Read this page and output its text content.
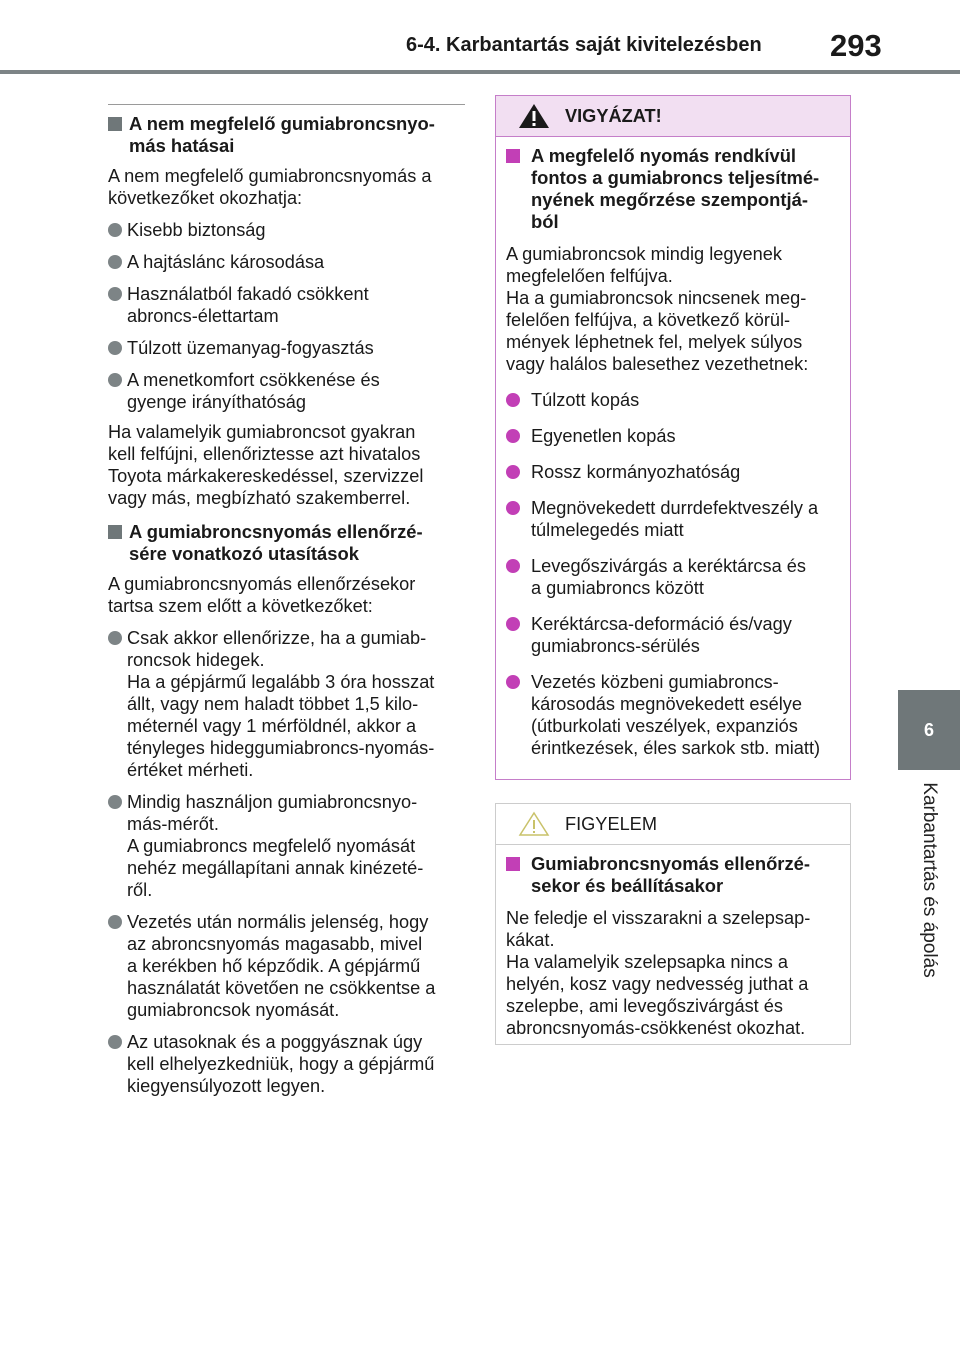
6-4. Karbantartás saját kivitelezésben 293
6
Karbantartás és ápolás
A nem megfelelő gumiabroncsnyo-
más hatásai
A nem megfelelő gumiabroncsnyomás a
következőket okozhatja:
Kisebb biztonság
A hajtáslánc károsodása
Használatból fakadó csökkent
abroncs-élettartam
Túlzott üzemanyag-fogyasztás
A menetkomfort csökkenése és
gyenge irányíthatóság
Ha valamelyik gumiabroncsot gyakran
kell felfújni, ellenőriztesse azt hivatalos
Toyota márkakereskedéssel, szervizzel
vagy más, megbízható szakemberrel.
A gumiabroncsnyomás ellenőrzé-
sére vonatkozó utasítások
A gumiabroncsnyomás ellenőrzésekor
tartsa szem előtt a következőket:
Csak akkor ellenőrizze, ha a gumiab-
roncsok hidegek.
Ha a gépjármű legalább 3 óra hosszat
állt, vagy nem haladt többet 1,5 kilo-
méternél vagy 1 mérföldnél, akkor a
tényleges hideggumiabroncs-nyomás-
értéket mérheti.
Mindig használjon gumiabroncsnyo-
más-mérőt.
A gumiabroncs megfelelő nyomását
nehéz megállapítani annak kinézeté-
ről.
Vezetés után normális jelenség, hogy
az abroncsnyomás magasabb, mivel
a kerékben hő képződik. A gépjármű
használatát követően ne csökkentse a
gumiabroncsok nyomását.
Az utasoknak és a poggyásznak úgy
kell elhelyezkedniük, hogy a gépjármű
kiegyensúlyozott legyen.
VIGYÁZAT!
A megfelelő nyomás rendkívül
fontos a gumiabroncs teljesítmé-
nyének megőrzése szempontjá-
ból
A gumiabroncsok mindig legyenek
megfelelően felfújva.
Ha a gumiabroncsok nincsenek meg-
felelően felfújva, a következő körül-
mények léphetnek fel, melyek súlyos
vagy halálos balesethez vezethetnek:
Túlzott kopás
Egyenetlen kopás
Rossz kormányozhatóság
Megnövekedett durrdefektveszély a
túlmelegedés miatt
Levegőszivárgás a keréktárcsa és
a gumiabroncs között
Keréktárcsa-deformáció és/vagy
gumiabroncs-sérülés
Vezetés közbeni gumiabroncs-
károsodás megnövekedett esélye
(útburkolati veszélyek, expanziós
érintkezések, éles sarkok stb. miatt)
FIGYELEM
Gumiabroncsnyomás ellenőrzé-
sekor és beállításakor
Ne feledje el visszarakni a szelepsap-
kákat.
Ha valamelyik szelepsapka nincs a
helyén, kosz vagy nedvesség juthat a
szelepbe, ami levegőszivárgást és
abroncsnyomás-csökkenést okozhat.
